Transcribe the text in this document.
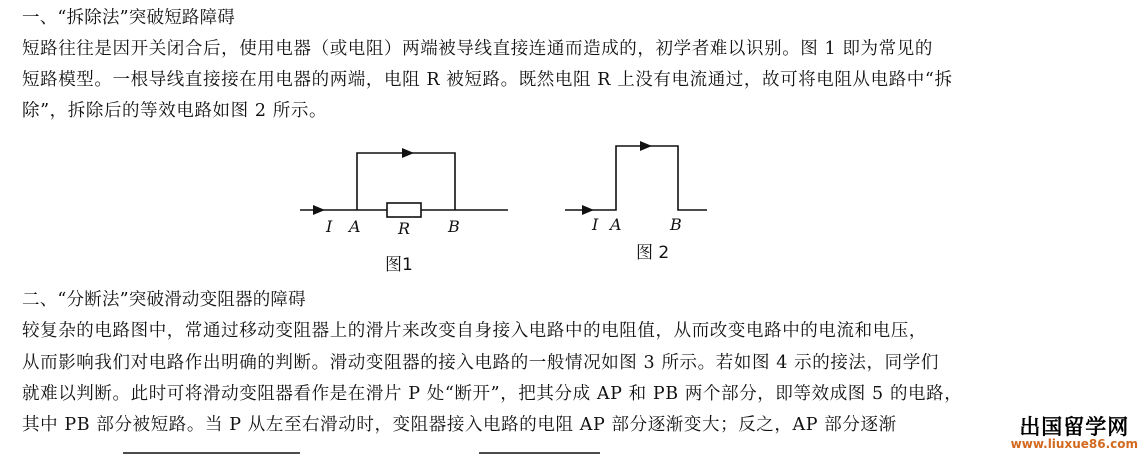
一、“拆除法”突破短路障碍
短路往往是因开关闭合后，使用电器（或电阻）两端被导线直接连通而造成的，初学者难以识别。图 1 即为常见的
短路模型。一根导线直接接在用电器的两端，电阻 R 被短路。既然电阻 R 上没有电流通过，故可将电阻从电路中“拆
除”，拆除后的等效电路如图 2 所示。
I A R B
图1
I A	B
图 2
二、“分断法”突破滑动变阻器的障碍
较复杂的电路图中，常通过移动变阻器上的滑片来改变自身接入电路中的电阻值，从而改变电路中的电流和电压，
从而影响我们对电路作出明确的判断。滑动变阻器的接入电路的一般情况如图 3 所示。若如图 4 示的接法，同学们
就难以判断。此时可将滑动变阻器看作是在滑片 P 处“断开”，把其分成 AP 和 PB 两个部分，即等效成图 5 的电路，
其中 PB 部分被短路。当 P 从左至右滑动时，变阻器接入电路的电阻 AP 部分逐渐变大；反之，AP 部分逐渐	出国留学网
www.liuxue86.com
